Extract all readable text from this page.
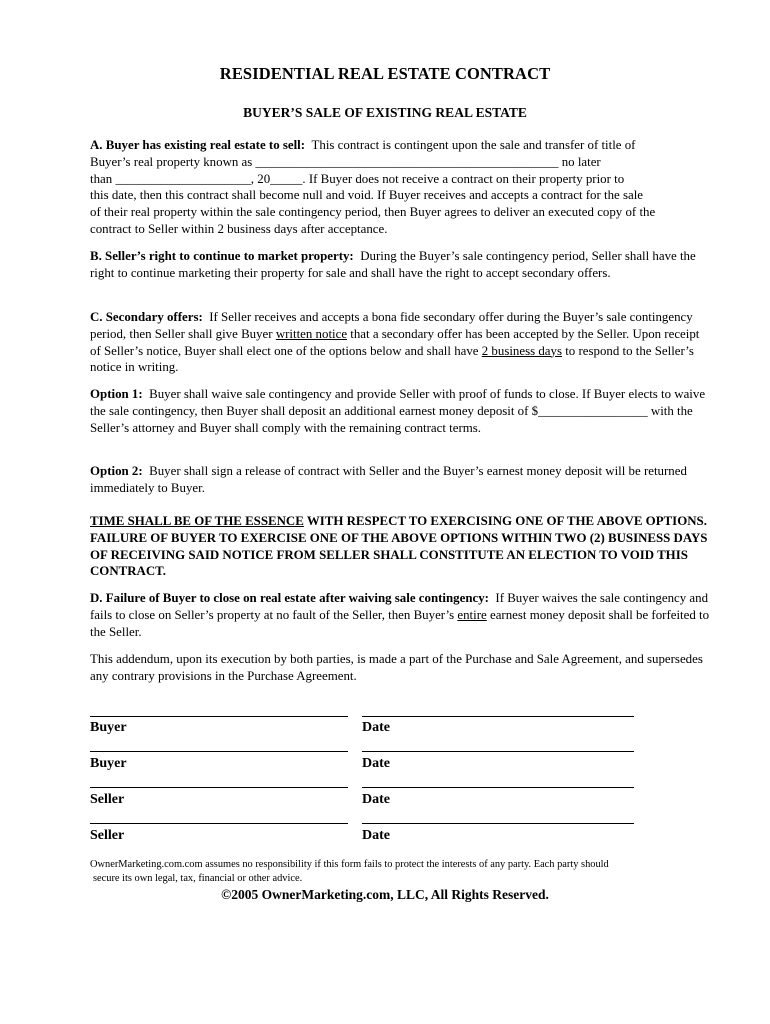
RESIDENTIAL REAL ESTATE CONTRACT
BUYER’S SALE OF EXISTING REAL ESTATE
A. Buyer has existing real estate to sell: This contract is contingent upon the sale and transfer of title of
Buyer’s real property known as _______________________________________________ no later
than _____________________, 20_____. If Buyer does not receive a contract on their property prior to
this date, then this contract shall become null and void. If Buyer receives and accepts a contract for the sale
of their real property within the sale contingency period, then Buyer agrees to deliver an executed copy of the
contract to Seller within 2 business days after acceptance.
B. Seller’s right to continue to market property: During the Buyer’s sale contingency period, Seller shall have the right to continue marketing their property for sale and shall have the right to accept secondary offers.
C. Secondary offers: If Seller receives and accepts a bona fide secondary offer during the Buyer’s sale contingency period, then Seller shall give Buyer written notice that a secondary offer has been accepted by the Seller. Upon receipt of Seller’s notice, Buyer shall elect one of the options below and shall have 2 business days to respond to the Seller’s notice in writing.
Option 1: Buyer shall waive sale contingency and provide Seller with proof of funds to close. If Buyer elects to waive the sale contingency, then Buyer shall deposit an additional earnest money deposit of $_________________ with the Seller’s attorney and Buyer shall comply with the remaining contract terms.
Option 2: Buyer shall sign a release of contract with Seller and the Buyer’s earnest money deposit will be returned immediately to Buyer.
TIME SHALL BE OF THE ESSENCE WITH RESPECT TO EXERCISING ONE OF THE ABOVE OPTIONS. FAILURE OF BUYER TO EXERCISE ONE OF THE ABOVE OPTIONS WITHIN TWO (2) BUSINESS DAYS OF RECEIVING SAID NOTICE FROM SELLER SHALL CONSTITUTE AN ELECTION TO VOID THIS CONTRACT.
D. Failure of Buyer to close on real estate after waiving sale contingency: If Buyer waives the sale contingency and fails to close on Seller’s property at no fault of the Seller, then Buyer’s entire earnest money deposit shall be forfeited to the Seller.
This addendum, upon its execution by both parties, is made a part of the Purchase and Sale Agreement, and supersedes any contrary provisions in the Purchase Agreement.
Buyer	Date
Buyer	Date
Seller	Date
Seller	Date
OwnerMarketing.com.com assumes no responsibility if this form fails to protect the interests of any party. Each party should
secure its own legal, tax, financial or other advice.
©2005 OwnerMarketing.com, LLC, All Rights Reserved.
